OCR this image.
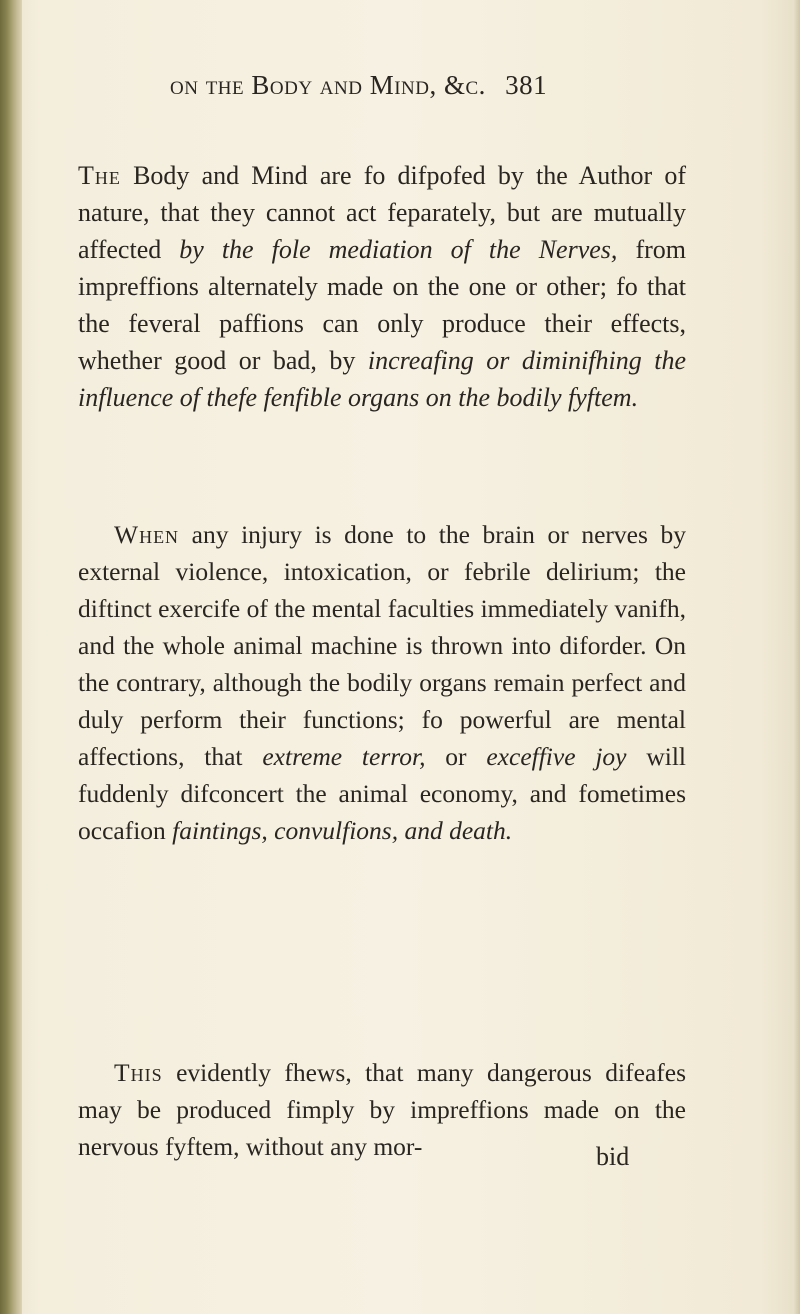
on the Body and Mind, &c. 381

The Body and Mind are fo difpofed by the Author of nature, that they cannot act feparately, but are mutually affected by the fole mediation of the Nerves, from impreffions alternately made on the one or other; fo that the feveral paffions can only produce their effects, whether good or bad, by increafing or diminifhing the influence of thefe fenfible organs on the bodily fyftem.

When any injury is done to the brain or nerves by external violence, intoxication, or febrile delirium; the diftinct exercife of the mental faculties immediately vanifh, and the whole animal machine is thrown into diforder. On the contrary, although the bodily organs remain perfect and duly perform their functions; fo powerful are mental affections, that extreme terror, or exceffive joy will fuddenly difconcert the animal economy, and fometimes occafion faintings, convulfions, and death.

This evidently fhews, that many dangerous difeafes may be produced fimply by impreffions made on the nervous fyftem, without any mor-	bid
